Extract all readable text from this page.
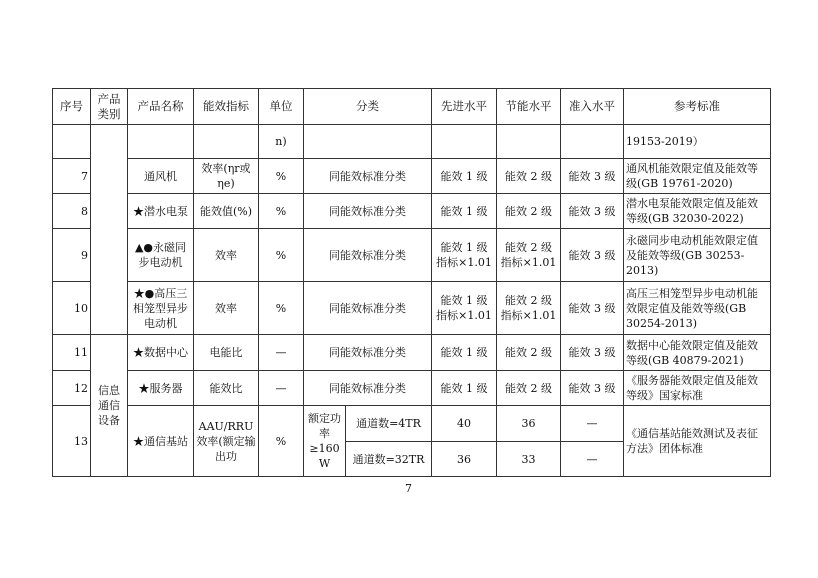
序号	产品类别	产品名称	能效指标	单位	分类		先进水平	节能水平	准入水平	参考标准
				n)						19153-2019）
7		通风机	效率(ηr或ηe)	%	同能效标准分类		能效 1 级	能效 2 级	能效 3 级	通风机能效限定值及能效等级(GB 19761-2020)
8		★潜水电泵	能效值(%)	%	同能效标准分类		能效 1 级	能效 2 级	能效 3 级	潜水电泵能效限定值及能效等级(GB 32030-2022)
9		▲●永磁同步电动机	效率	%	同能效标准分类		能效 1 级 指标×1.01	能效 2 级 指标×1.01	能效 3 级	永磁同步电动机能效限定值及能效等级(GB 30253-2013)
10		★●高压三相笼型异步电动机	效率	%	同能效标准分类		能效 1 级 指标×1.01	能效 2 级 指标×1.01	能效 3 级	高压三相笼型异步电动机能效限定值及能效等级(GB 30254-2013)
11	信息通信设备	★数据中心	电能比	—	同能效标准分类		能效 1 级	能效 2 级	能效 3 级	数据中心能效限定值及能效等级(GB 40879-2021)
12		★服务器	能效比	—	同能效标准分类		能效 1 级	能效 2 级	能效 3 级	《服务器能效限定值及能效等级》国家标准
13		★通信基站	AAU/RRU 效率(额定输出功	%	额定功率≥160 W	通道数=4TR	40	36	—	《通信基站能效测试及表征方法》团体标准
						通道数=32TR	36	33	—	
7
